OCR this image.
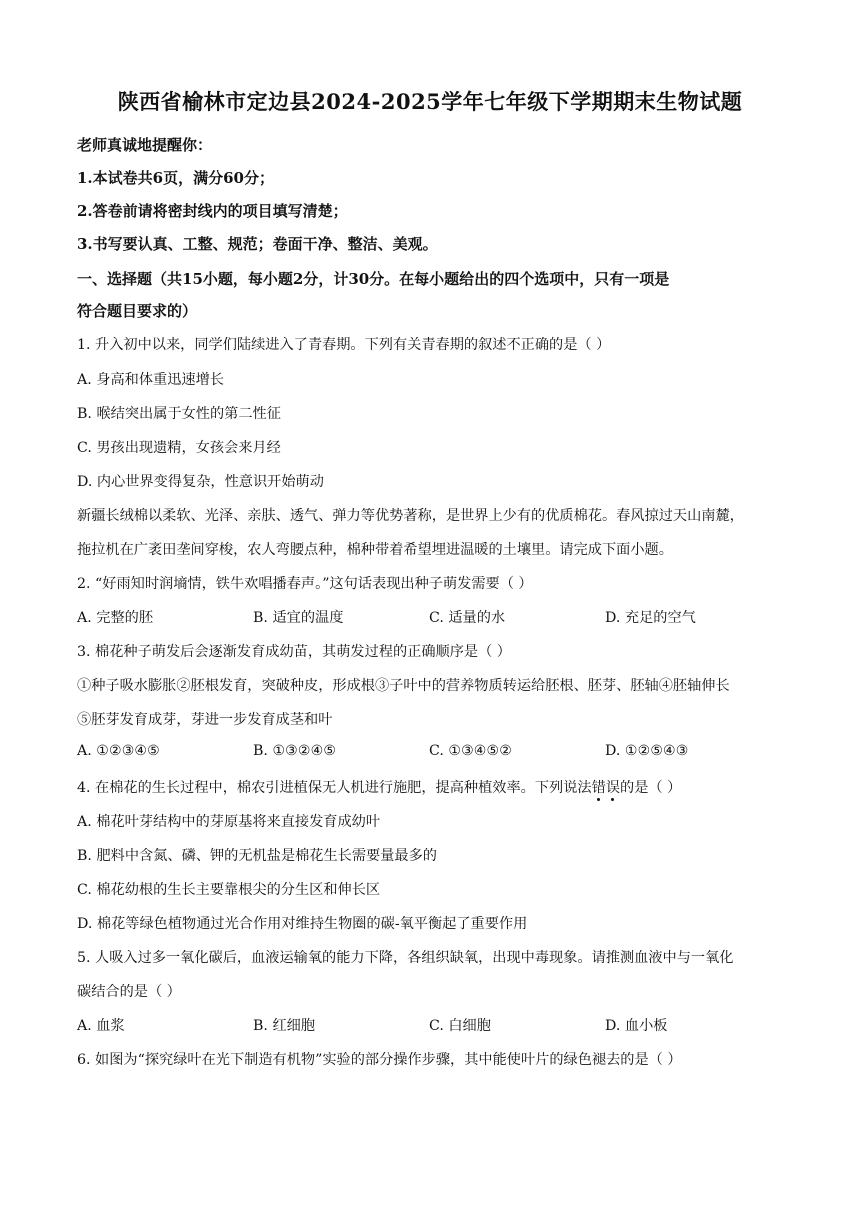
陕西省榆林市定边县2024-2025学年七年级下学期期末生物试题
老师真诚地提醒你：
1.本试卷共6页，满分60分；
2.答卷前请将密封线内的项目填写清楚；
3.书写要认真、工整、规范；卷面干净、整洁、美观。
一、选择题（共15小题，每小题2分，计30分。在每小题给出的四个选项中，只有一项是
符合题目要求的）
1. 升入初中以来，同学们陆续进入了青春期。下列有关青春期的叙述不正确的是（ ）
A. 身高和体重迅速增长
B. 喉结突出属于女性的第二性征
C. 男孩出现遗精，女孩会来月经
D. 内心世界变得复杂，性意识开始萌动
新疆长绒棉以柔软、光泽、亲肤、透气、弹力等优势著称，是世界上少有的优质棉花。春风掠过天山南麓，
拖拉机在广袤田垄间穿梭，农人弯腰点种，棉种带着希望埋进温暖的土壤里。请完成下面小题。
2. “好雨知时润墒情，铁牛欢唱播春声。”这句话表现出种子萌发需要（ ）
A. 完整的胚	B. 适宜的温度	C. 适量的水	D. 充足的空气
3. 棉花种子萌发后会逐渐发育成幼苗，其萌发过程的正确顺序是（ ）
①种子吸水膨胀②胚根发育，突破种皮，形成根③子叶中的营养物质转运给胚根、胚芽、胚轴④胚轴伸长
⑤胚芽发育成芽，芽进一步发育成茎和叶
A. ①②③④⑤	B. ①③②④⑤	C. ①③④⑤②	D. ①②⑤④③
4. 在棉花的生长过程中，棉农引进植保无人机进行施肥，提高种植效率。下列说法错误的是（ ）
A. 棉花叶芽结构中的芽原基将来直接发育成幼叶
B. 肥料中含氮、磷、钾的无机盐是棉花生长需要量最多的
C. 棉花幼根的生长主要靠根尖的分生区和伸长区
D. 棉花等绿色植物通过光合作用对维持生物圈的碳-氧平衡起了重要作用
5. 人吸入过多一氧化碳后，血液运输氧的能力下降，各组织缺氧，出现中毒现象。请推测血液中与一氧化
碳结合的是（ ）
A. 血浆	B. 红细胞	C. 白细胞	D. 血小板
6. 如图为“探究绿叶在光下制造有机物”实验的部分操作步骤，其中能使叶片的绿色褪去的是（ ）
